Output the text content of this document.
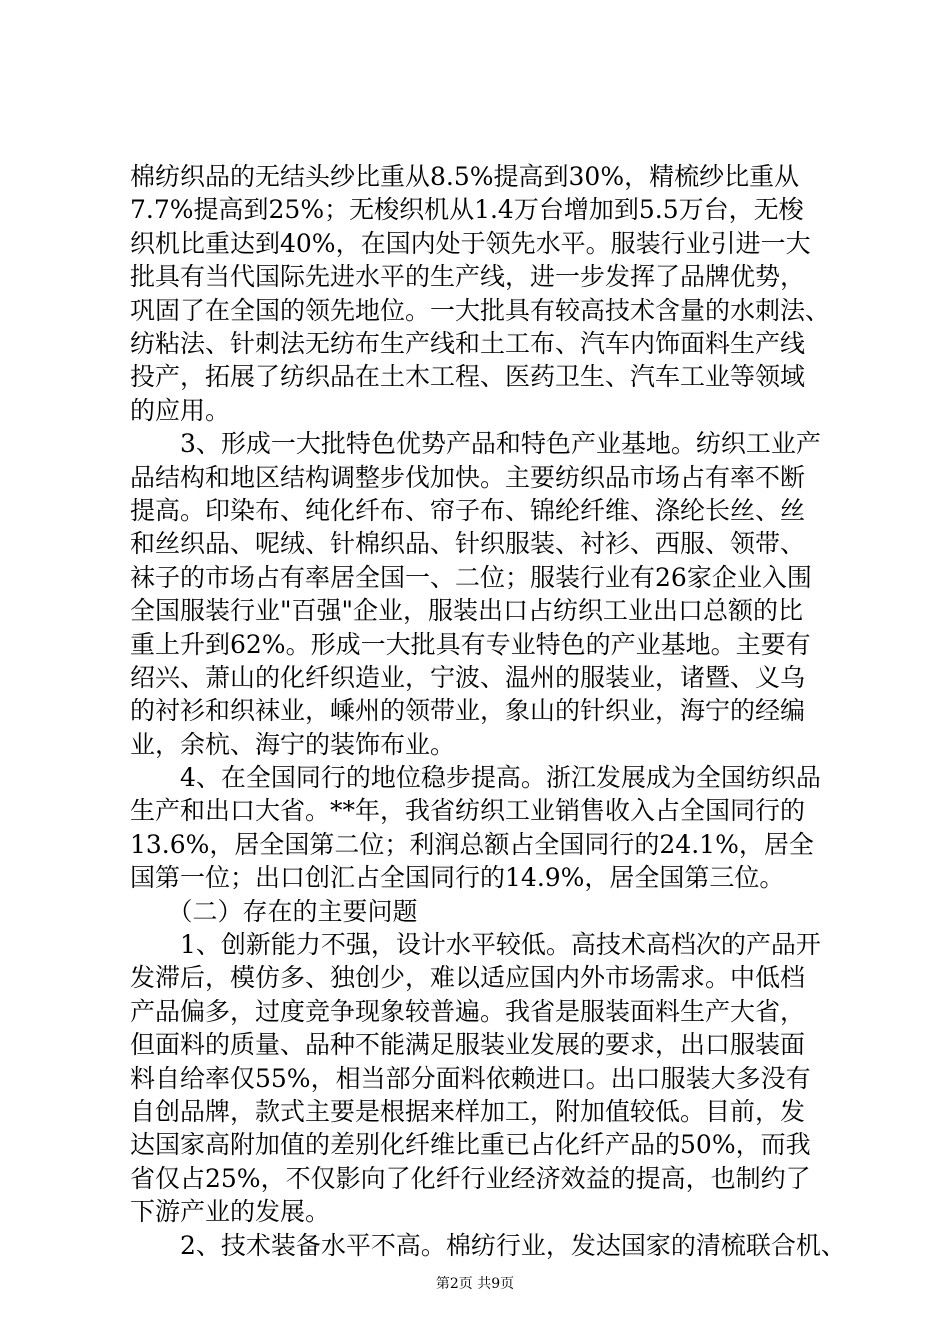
棉纺织品的无结头纱比重从8.5%提高到30%，精梳纱比重从
7.7%提高到25%；无梭织机从1.4万台增加到5.5万台，无梭
织机比重达到40%，在国内处于领先水平。服装行业引进一大
批具有当代国际先进水平的生产线，进一步发挥了品牌优势，
巩固了在全国的领先地位。一大批具有较高技术含量的水刺法、
纺粘法、针刺法无纺布生产线和土工布、汽车内饰面料生产线
投产，拓展了纺织品在土木工程、医药卫生、汽车工业等领域
的应用。
　　3、形成一大批特色优势产品和特色产业基地。纺织工业产
品结构和地区结构调整步伐加快。主要纺织品市场占有率不断
提高。印染布、纯化纤布、帘子布、锦纶纤维、涤纶长丝、丝
和丝织品、呢绒、针棉织品、针织服装、衬衫、西服、领带、
袜子的市场占有率居全国一、二位；服装行业有26家企业入围
全国服装行业"百强"企业，服装出口占纺织工业出口总额的比
重上升到62%。形成一大批具有专业特色的产业基地。主要有
绍兴、萧山的化纤织造业，宁波、温州的服装业，诸暨、义乌
的衬衫和织袜业，嵊州的领带业，象山的针织业，海宁的经编
业，余杭、海宁的装饰布业。
　　4、在全国同行的地位稳步提高。浙江发展成为全国纺织品
生产和出口大省。**年，我省纺织工业销售收入占全国同行的
13.6%，居全国第二位；利润总额占全国同行的24.1%，居全
国第一位；出口创汇占全国同行的14.9%，居全国第三位。
　　（二）存在的主要问题
　　1、创新能力不强，设计水平较低。高技术高档次的产品开
发滞后，模仿多、独创少，难以适应国内外市场需求。中低档
产品偏多，过度竞争现象较普遍。我省是服装面料生产大省，
但面料的质量、品种不能满足服装业发展的要求，出口服装面
料自给率仅55%，相当部分面料依赖进口。出口服装大多没有
自创品牌，款式主要是根据来样加工，附加值较低。目前，发
达国家高附加值的差别化纤维比重已占化纤产品的50%，而我
省仅占25%，不仅影向了化纤行业经济效益的提高，也制约了
下游产业的发展。
　　2、技术装备水平不高。棉纺行业，发达国家的清梳联合机、
第2页 共9页
